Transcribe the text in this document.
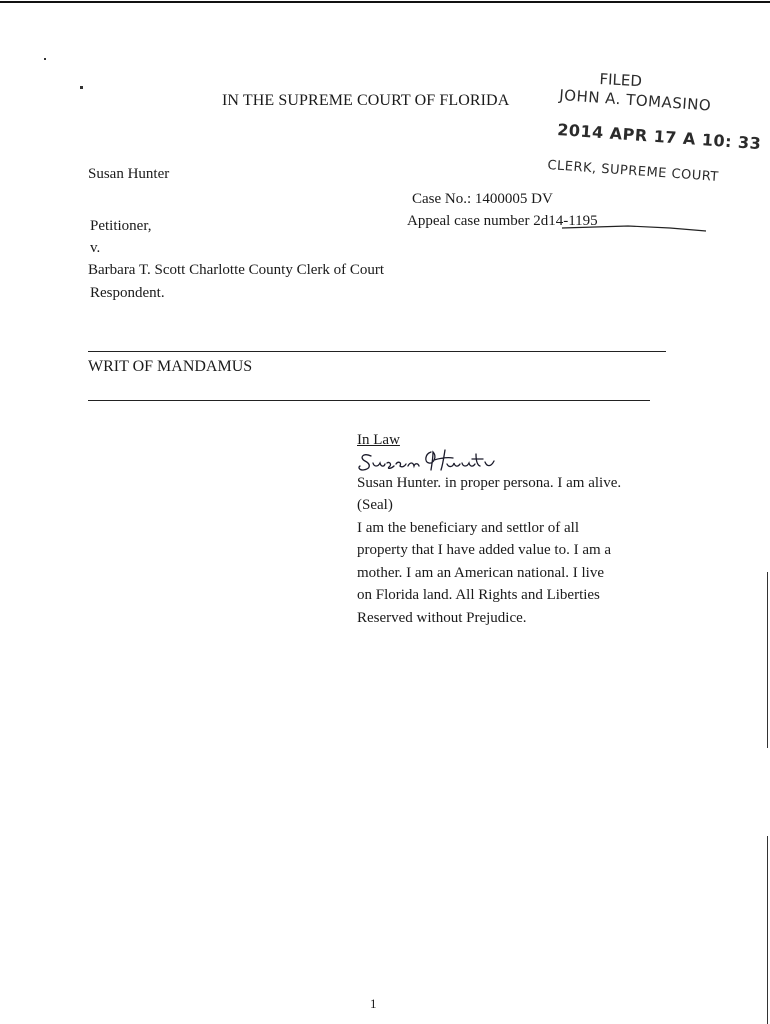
IN THE SUPREME COURT OF FLORIDA
FILED
JOHN A. TOMASINO
2014 APR 17 A 10: 33
CLERK, SUPREME COURT
Susan Hunter
Case No.: 1400005 DV
Appeal case number 2d14-1195
Petitioner,
v.
Barbara T. Scott Charlotte County Clerk of Court
Respondent.
WRIT OF MANDAMUS
In Law
Susan Hunter. in proper persona. I am alive.
(Seal)
I am the beneficiary and settlor of all
property that I have added value to. I am a
mother. I am an American national. I live
on Florida land. All Rights and Liberties
Reserved without Prejudice.
1
